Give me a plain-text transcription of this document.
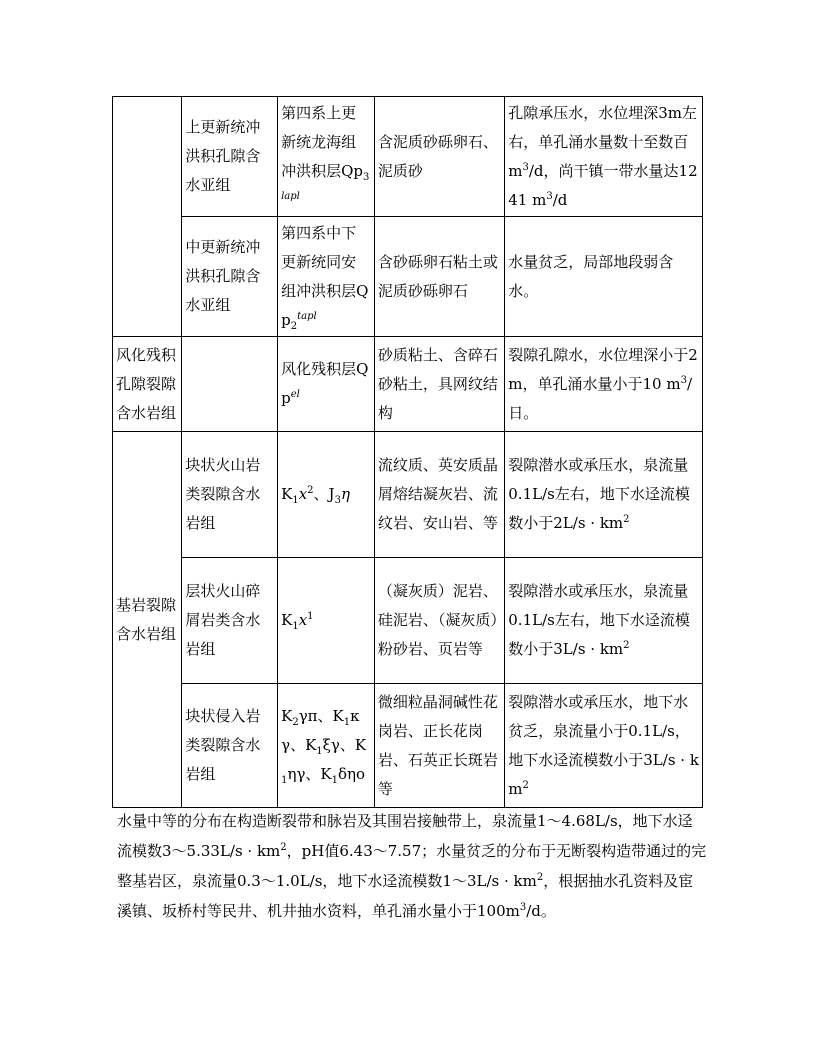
	上更新统冲洪积孔隙含水亚组	第四系上更新统龙海组冲洪积层$Qp_3^{lapl}$	含泥质砂砾卵石、泥质砂	孔隙承压水，水位埋深3m左右，单孔涌水量数十至数百$m^3/d$，尚干镇一带水量达1241 $m^3/d$
	中更新统冲洪积孔隙含水亚组	第四系中下更新统同安组冲洪积层$Qp_2^{tapl}$	含砂砾卵石粘土或泥质砂砾卵石	水量贫乏，局部地段弱含水。
风化残积孔隙裂隙含水岩组		风化残积层$Qp^{el}$	砂质粘土、含碎石砂粘土，具网纹结构	裂隙孔隙水，水位埋深小于2m，单孔涌水量小于10 $m^3/$日。
基岩裂隙含水岩组	块状火山岩类裂隙含水岩组	$K_1x^2$、$J_3\eta$	流纹质、英安质晶屑熔结凝灰岩、流纹岩、安山岩、等	裂隙潜水或承压水，泉流量0.1L/s左右，地下水迳流模数小于$2L/s \cdot km^2$
	层状火山碎屑岩类含水岩组	$K_1x^1$	（凝灰质）泥岩、硅泥岩、（凝灰质）粉砂岩、页岩等	裂隙潜水或承压水，泉流量0.1L/s左右，地下水迳流模数小于$3L/s \cdot km^2$
	块状侵入岩类裂隙含水岩组	$K_2\gamma\pi$、$K_1\kappa\gamma$、$K_1\xi\gamma$、$K_1\eta\gamma$、$K_1\delta\eta o$	微细粒晶洞碱性花岗岩、正长花岗岩、石英正长斑岩等	裂隙潜水或承压水，地下水贫乏，泉流量小于0.1L/s，地下水迳流模数小于$3L/s \cdot km^2$

水量中等的分布在构造断裂带和脉岩及其围岩接触带上，泉流量1～4.68L/s，地下水迳流模数3～5.33L/s · $km^2$，pH值6.43～7.57；水量贫乏的分布于无断裂构造带通过的完整基岩区，泉流量0.3～1.0L/s，地下水迳流模数1～3L/s · $km^2$，根据抽水孔资料及宦溪镇、坂桥村等民井、机井抽水资料，单孔涌水量小于$100m^3/d$。
